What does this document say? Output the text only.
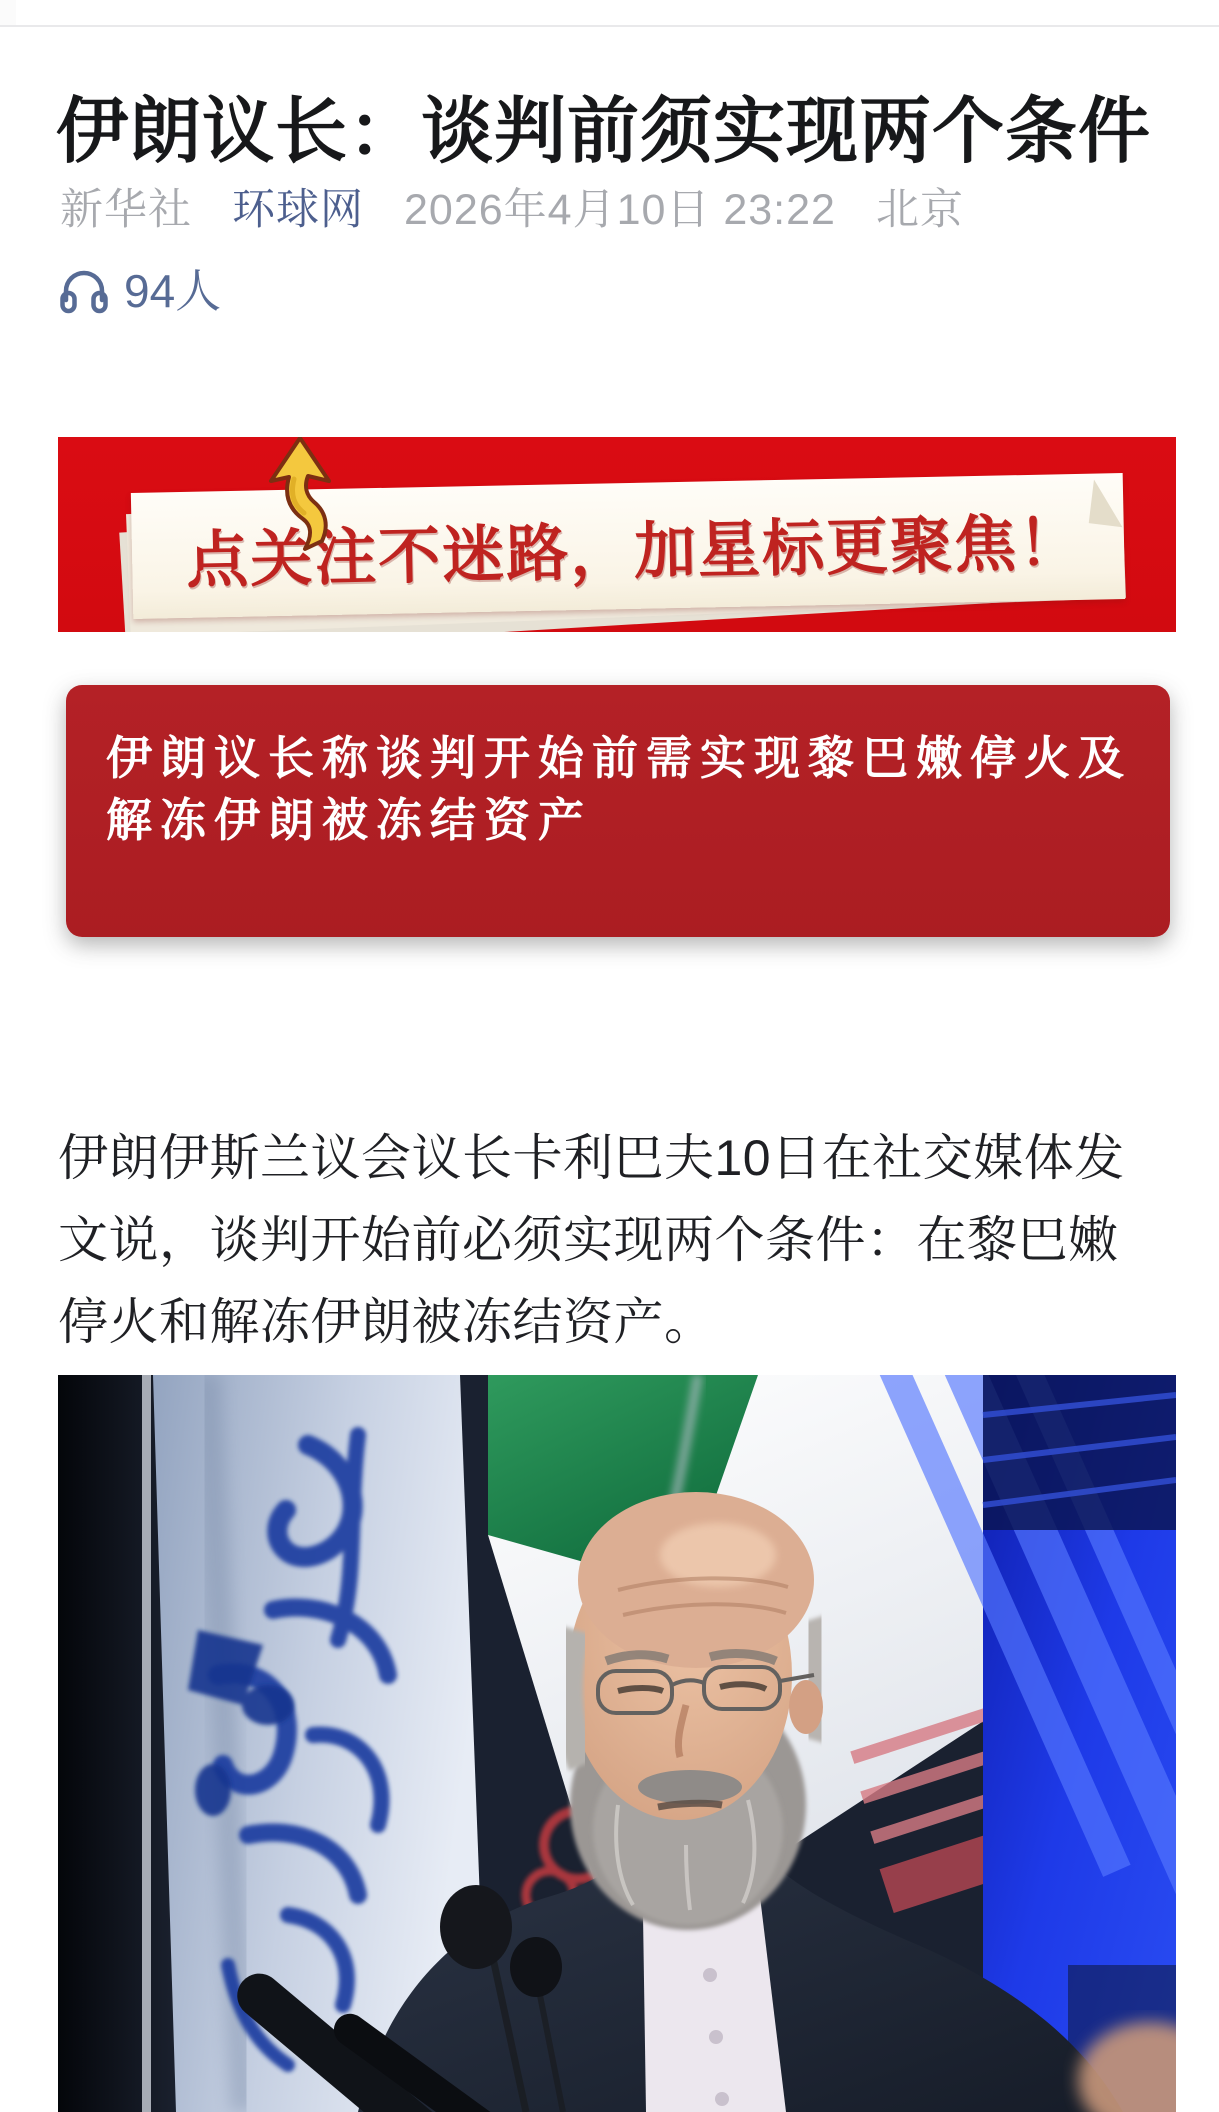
伊朗议长：谈判前须实现两个条件
新华社 环球网 2026年4月10日 23:22 北京
94人
点关注不迷路，加星标更聚焦！
伊朗议长称谈判开始前需实现黎巴嫩停火及解冻伊朗被冻结资产

伊朗伊斯兰议会议长卡利巴夫10日在社交媒体发文说，谈判开始前必须实现两个条件：在黎巴嫩停火和解冻伊朗被冻结资产。
